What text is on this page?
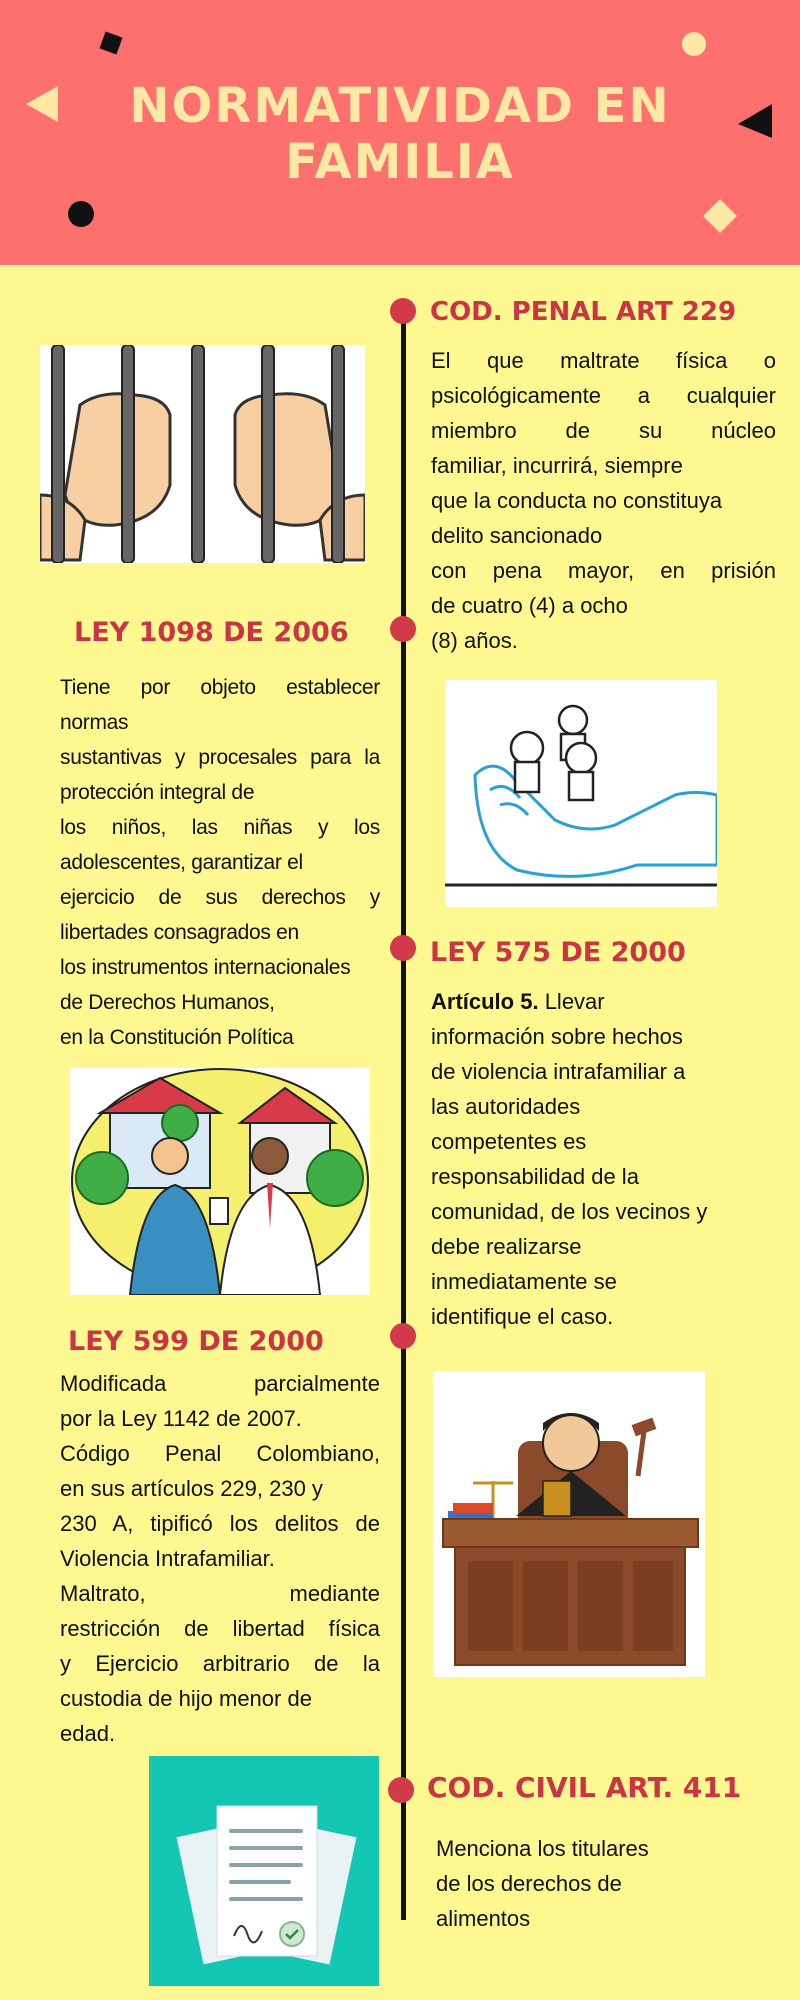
NORMATIVIDAD EN
FAMILIA
COD. PENAL ART 229
El que maltrate física o
psicológicamente a cualquier
miembro de su núcleo
familiar, incurrirá, siempre
que la conducta no constituya
delito sancionado
con pena mayor, en prisión
de cuatro (4) a ocho
(8) años.
LEY 1098 DE 2006
Tiene por objeto establecer
normas
sustantivas y procesales para la
protección integral de
los niños, las niñas y los
adolescentes, garantizar el
ejercicio de sus derechos y
libertades consagrados en
los instrumentos internacionales
de Derechos Humanos,
en la Constitución Política
LEY 575 DE 2000
Artículo 5. Llevar
información sobre hechos
de violencia intrafamiliar a
las autoridades
competentes es
responsabilidad de la
comunidad, de los vecinos y
debe realizarse
inmediatamente se
identifique el caso.
LEY 599 DE 2000
Modificada parcialmente
por la Ley 1142 de 2007.
Código Penal Colombiano,
en sus artículos 229, 230 y
230 A, tipificó los delitos de
Violencia Intrafamiliar.
Maltrato, mediante
restricción de libertad física
y Ejercicio arbitrario de la
custodia de hijo menor de
edad.
COD. CIVIL ART. 411
Menciona los titulares
de los derechos de
alimentos
